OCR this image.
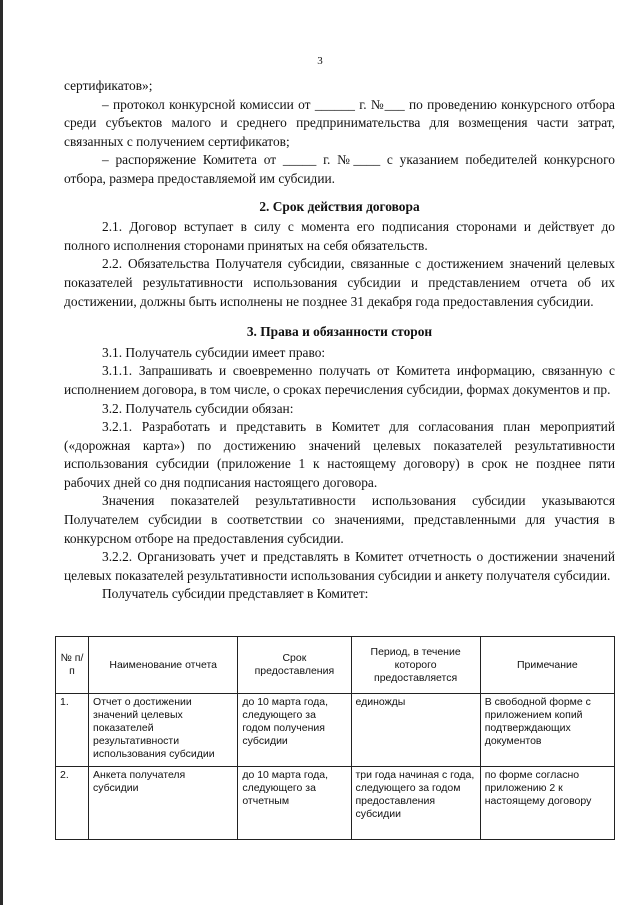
3

сертификатов»;

– протокол конкурсной комиссии от ______ г. №___ по проведению конкурсного отбора среди субъектов малого и среднего предпринимательства для возмещения части затрат, связанных с получением сертификатов;

– распоряжение Комитета от _____ г. №____ с указанием победителей конкурсного отбора, размера предоставляемой им субсидии.

2. Срок действия договора

2.1. Договор вступает в силу с момента его подписания сторонами и действует до полного исполнения сторонами принятых на себя обязательств.

2.2. Обязательства Получателя субсидии, связанные с достижением значений целевых показателей результативности использования субсидии и представлением отчета об их достижении, должны быть исполнены не позднее 31 декабря года предоставления субсидии.

3. Права и обязанности сторон

3.1. Получатель субсидии имеет право:

3.1.1. Запрашивать и своевременно получать от Комитета информацию, связанную с исполнением договора, в том числе, о сроках перечисления субсидии, формах документов и пр.

3.2. Получатель субсидии обязан:

3.2.1. Разработать и представить в Комитет для согласования план мероприятий («дорожная карта») по достижению значений целевых показателей результативности использования субсидии (приложение 1 к настоящему договору) в срок не позднее пяти рабочих дней со дня подписания настоящего договора.

Значения показателей результативности использования субсидии указываются Получателем субсидии в соответствии со значениями, представленными для участия в конкурсном отборе на предоставления субсидии.

3.2.2. Организовать учет и представлять в Комитет отчетность о достижении значений целевых показателей результативности использования субсидии и анкету получателя субсидии.

Получатель субсидии представляет в Комитет:

№ п/п	Наименование отчета	Срок предоставления	Период, в течение которого предоставляется	Примечание
1.	Отчет о достижении значений целевых показателей результативности использования субсидии	до 10 марта года, следующего за годом получения субсидии	единожды	В свободной форме с приложением копий подтверждающих документов
2.	Анкета получателя субсидии	до 10 марта года, следующего за отчетным	три года начиная с года, следующего за годом предоставления субсидии	по форме согласно приложению 2 к настоящему договору
